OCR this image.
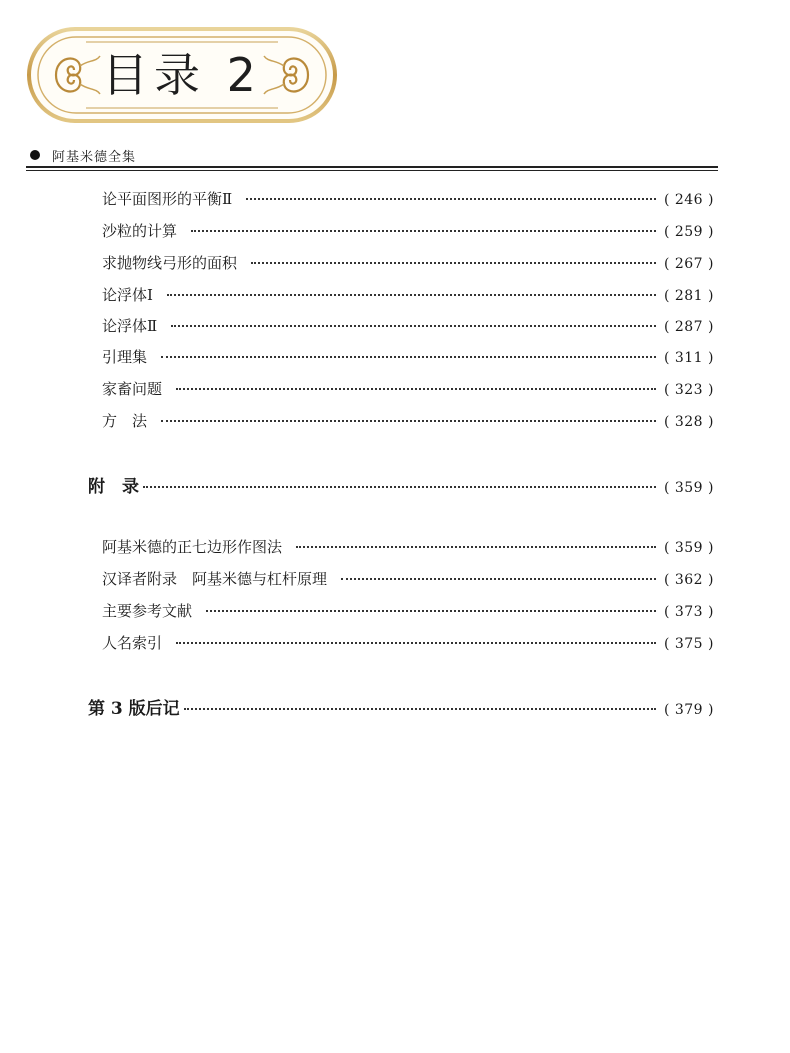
目录 2
阿基米德全集
论平面图形的平衡Ⅱ	( 246 )
沙粒的计算	( 259 )
求抛物线弓形的面积	( 267 )
论浮体Ⅰ	( 281 )
论浮体Ⅱ	( 287 )
引理集	( 311 )
家畜问题	( 323 )
方　法	( 328 )
附　录	( 359 )
阿基米德的正七边形作图法	( 359 )
汉译者附录　阿基米德与杠杆原理	( 362 )
主要参考文献	( 373 )
人名索引	( 375 )
第 3 版后记	( 379 )
